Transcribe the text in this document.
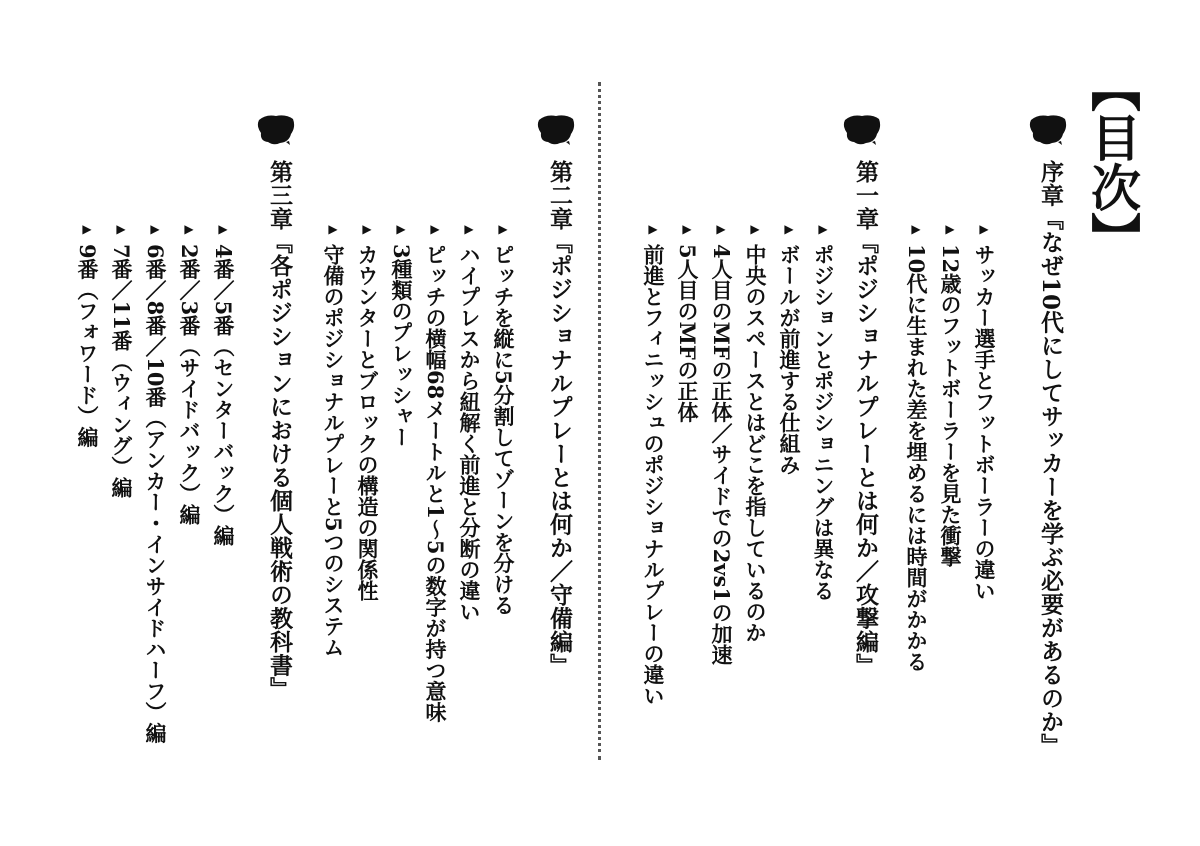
【目次】
序章『なぜ10代にしてサッカーを学ぶ必要があるのか』
▶サッカー選手とフットボーラーの違い
▶12歳のフットボーラーを見た衝撃
▶10代に生まれた差を埋めるには時間がかかる
第一章『ポジショナルプレーとは何か／攻撃編』
▶ポジションとポジショニングは異なる
▶ボールが前進する仕組み
▶中央のスペースとはどこを指しているのか
▶4人目のMFの正体／サイドでの2vs1の加速
▶5人目のMFの正体
▶前進とフィニッシュのポジショナルプレーの違い
第二章『ポジショナルプレーとは何か／守備編』
▶ピッチを縦に5分割してゾーンを分ける
▶ハイプレスから紐解く前進と分断の違い
▶ピッチの横幅68メートルと1〜5の数字が持つ意味
▶3種類のプレッシャー
▶カウンターとブロックの構造の関係性
▶守備のポジショナルプレーと5つのシステム
第三章『各ポジションにおける個人戦術の教科書』
▶4番／5番（センターバック）編
▶2番／3番（サイドバック）編
▶6番／8番／10番（アンカー・インサイドハーフ）編
▶7番／11番（ウィング）編
▶9番（フォワード）編
